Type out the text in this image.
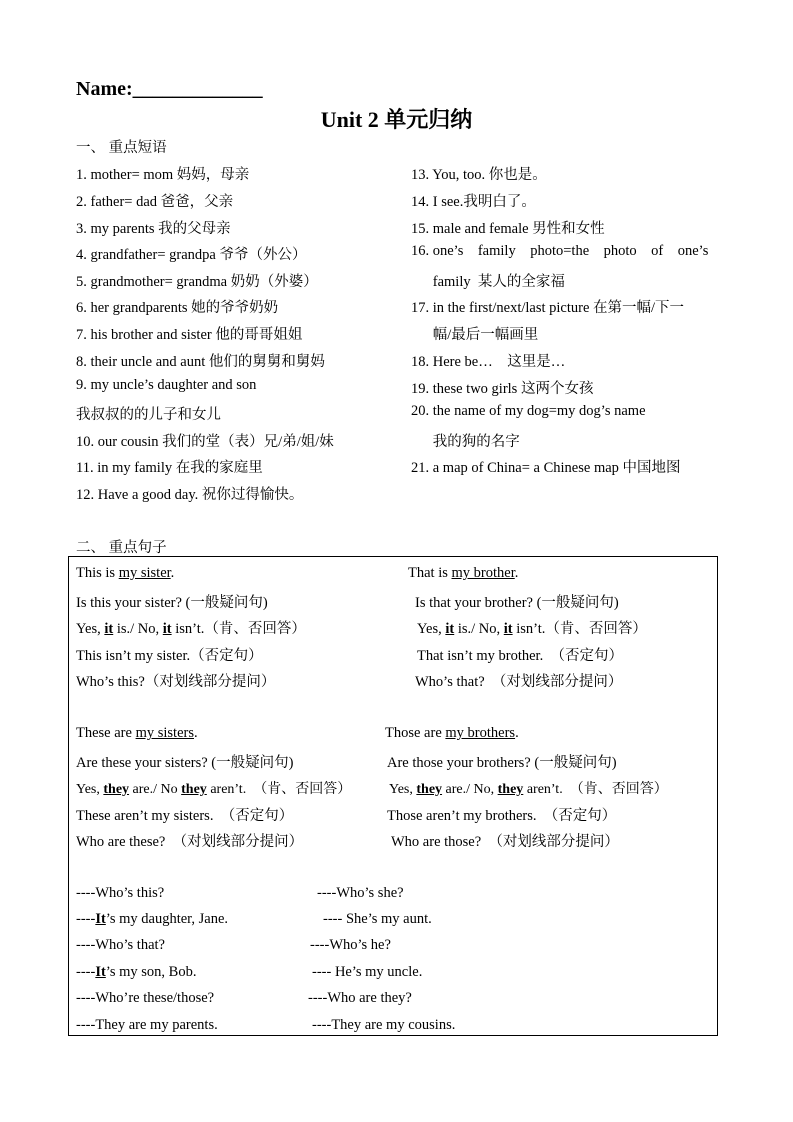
Name:_____________
Unit 2 单元归纳
一、 重点短语
1. mother= mom 妈妈，母亲
2. father= dad 爸爸，父亲
3. my parents 我的父母亲
4. grandfather= grandpa 爷爷（外公）
5. grandmother= grandma 奶奶（外婆）
6. her grandparents 她的爷爷奶奶
7. his brother and sister 他的哥哥姐姐
8. their uncle and aunt 他们的舅舅和舅妈
9. my uncle’s daughter and son
我叔叔的的儿子和女儿
10. our cousin 我们的堂（表）兄/弟/姐/妹
11. in my family 在我的家庭里
12. Have a good day. 祝你过得愉快。
13. You, too. 你也是。
14. I see.我明白了。
15. male and female 男性和女性
16. one’s    family    photo=the    photo    of    one’s
family  某人的全家福
17. in the first/next/last picture 在第一幅/下一
幅/最后一幅画里
18. Here be…    这里是…
19. these two girls 这两个女孩
20. the name of my dog=my dog’s name
我的狗的名字
21. a map of China= a Chinese map 中国地图
二、 重点句子
This is my sister.	That is my brother.
Is this your sister? (一般疑问句)	Is that your brother? (一般疑问句)
Yes, it is./ No, it isn’t.（肯、否回答）	Yes, it is./ No, it isn’t.（肯、否回答）
This isn’t my sister.（否定句）	That isn’t my brother.  （否定句）
Who’s this?（对划线部分提问）	Who’s that?  （对划线部分提问）
These are my sisters.	Those are my brothers.
Are these your sisters? (一般疑问句)	Are those your brothers? (一般疑问句)
Yes, they are./ No they aren’t.  （肯、否回答）	Yes, they are./ No, they aren’t.  （肯、否回答）
These aren’t my sisters.  （否定句）	Those aren’t my brothers.  （否定句）
Who are these?  （对划线部分提问）	Who are those?  （对划线部分提问）
----Who’s this?	----Who’s she?
----It’s my daughter, Jane.	---- She’s my aunt.
----Who’s that?	----Who’s he?
----It’s my son, Bob.	---- He’s my uncle.
----Who’re these/those?	----Who are they?
----They are my parents.	----They are my cousins.
